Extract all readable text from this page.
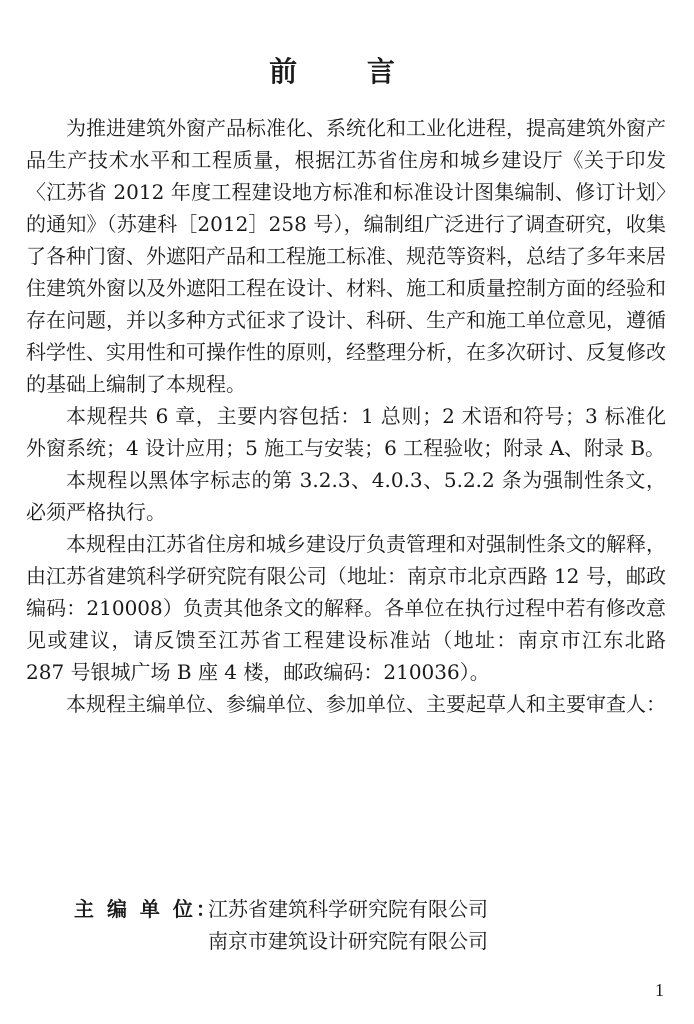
前 言

为推进建筑外窗产品标准化、系统化和工业化进程，提高建筑外窗产品生产技术水平和工程质量，根据江苏省住房和城乡建设厅《关于印发〈江苏省 2012 年度工程建设地方标准和标准设计图集编制、修订计划〉的通知》（苏建科［2012］258 号），编制组广泛进行了调查研究，收集了各种门窗、外遮阳产品和工程施工标准、规范等资料，总结了多年来居住建筑外窗以及外遮阳工程在设计、材料、施工和质量控制方面的经验和存在问题，并以多种方式征求了设计、科研、生产和施工单位意见，遵循科学性、实用性和可操作性的原则，经整理分析，在多次研讨、反复修改的基础上编制了本规程。

本规程共 6 章，主要内容包括：1 总则；2 术语和符号；3 标准化外窗系统；4 设计应用；5 施工与安装；6 工程验收；附录 A、附录 B。

本规程以黑体字标志的第 3.2.3、4.0.3、5.2.2 条为强制性条文，必须严格执行。

本规程由江苏省住房和城乡建设厅负责管理和对强制性条文的解释，由江苏省建筑科学研究院有限公司（地址：南京市北京西路 12 号，邮政编码：210008）负责其他条文的解释。各单位在执行过程中若有修改意见或建议，请反馈至江苏省工程建设标准站（地址：南京市江东北路 287 号银城广场 B 座 4 楼，邮政编码：210036）。

本规程主编单位、参编单位、参加单位、主要起草人和主要审查人：

主 编 单 位：
江苏省建筑科学研究院有限公司
南京市建筑设计研究院有限公司
1
